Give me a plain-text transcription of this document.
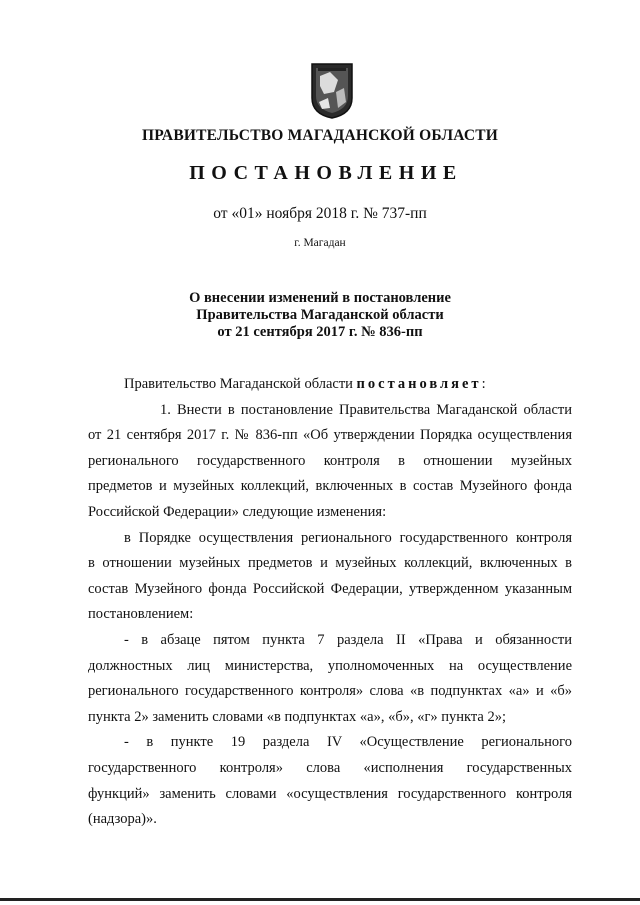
ПРАВИТЕЛЬСТВО МАГАДАНСКОЙ ОБЛАСТИ
ПОСТАНОВЛЕНИЕ
от «01» ноября 2018 г. № 737-пп
г. Магадан
О внесении изменений в постановление
Правительства Магаданской области
от 21 сентября 2017 г. № 836-пп
Правительство Магаданской области постановляет:
1. Внести в постановление Правительства Магаданской области
от 21 сентября 2017 г. № 836-пп «Об утверждении Порядка осуществления
регионального государственного контроля в отношении музейных
предметов и музейных коллекций, включенных в состав Музейного фонда
Российской Федерации» следующие изменения:
в Порядке осуществления регионального государственного контроля
в отношении музейных предметов и музейных коллекций, включенных в
состав Музейного фонда Российской Федерации, утвержденном указанным
постановлением:
- в абзаце пятом пункта 7 раздела II «Права и обязанности
должностных лиц министерства, уполномоченных на осуществление
регионального государственного контроля» слова «в подпунктах «а» и «б»
пункта 2» заменить словами «в подпунктах «а», «б», «г» пункта 2»;
- в пункте 19 раздела IV «Осуществление регионального
государственного контроля» слова «исполнения государственных
функций» заменить словами «осуществления государственного контроля
(надзора)».
